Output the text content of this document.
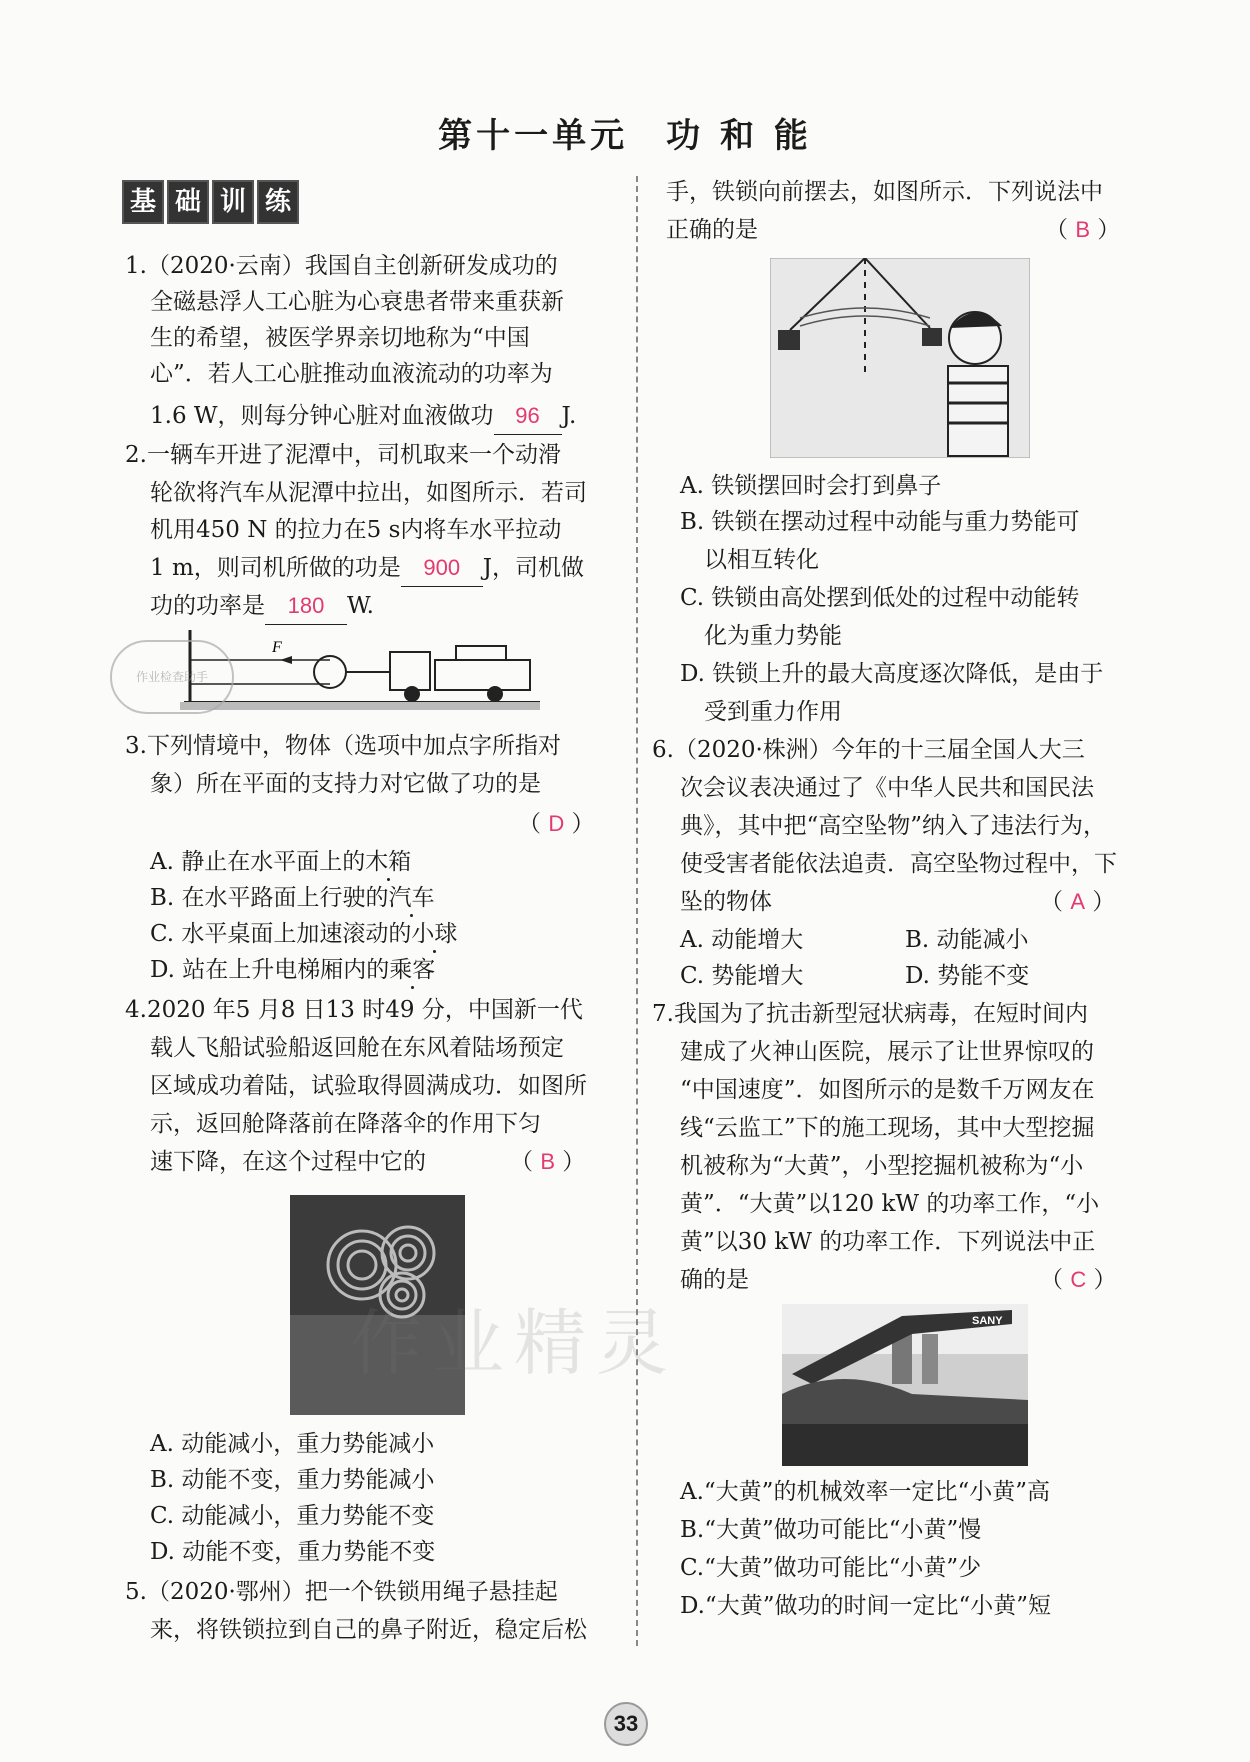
第十一单元　功 和 能
基 础 训 练
1.（2020·云南）我国自主创新研发成功的
全磁悬浮人工心脏为心衰患者带来重获新
生的希望，被医学界亲切地称为“中国
心”．若人工心脏推动血液流动的功率为
1.6 W，则每分钟心脏对血液做功 96 J.
2.一辆车开进了泥潭中，司机取来一个动滑
轮欲将汽车从泥潭中拉出，如图所示．若司
机用450 N 的拉力在5 s内将车水平拉动
1 m，则司机所做的功是 900 J，司机做
功的功率是 180 W.
F
3.下列情境中，物体（选项中加点字所指对
象）所在平面的支持力对它做了功的是
（ D ）
A. 静止在水平面上的木箱
B. 在水平路面上行驶的汽车
C. 水平桌面上加速滚动的小球
D. 站在上升电梯厢内的乘客
4.2020 年5 月8 日13 时49 分，中国新一代
载人飞船试验船返回舱在东风着陆场预定
区域成功着陆，试验取得圆满成功．如图所
示，返回舱降落前在降落伞的作用下匀
速下降，在这个过程中它的	（ B ）
A. 动能减小，重力势能减小
B. 动能不变，重力势能减小
C. 动能减小，重力势能不变
D. 动能不变，重力势能不变
5.（2020·鄂州）把一个铁锁用绳子悬挂起
来，将铁锁拉到自己的鼻子附近，稳定后松
手，铁锁向前摆去，如图所示．下列说法中
正确的是	（ B ）
A. 铁锁摆回时会打到鼻子
B. 铁锁在摆动过程中动能与重力势能可
以相互转化
C. 铁锁由高处摆到低处的过程中动能转
化为重力势能
D. 铁锁上升的最大高度逐次降低，是由于
受到重力作用
6.（2020·株洲）今年的十三届全国人大三
次会议表决通过了《中华人民共和国民法
典》，其中把“高空坠物”纳入了违法行为，
使受害者能依法追责．高空坠物过程中，下
坠的物体	（ A ）
A. 动能增大	B. 动能减小
C. 势能增大	D. 势能不变
7.我国为了抗击新型冠状病毒，在短时间内
建成了火神山医院，展示了让世界惊叹的
“中国速度”．如图所示的是数千万网友在
线“云监工”下的施工现场，其中大型挖掘
机被称为“大黄”，小型挖掘机被称为“小
黄”．“大黄”以120 kW 的功率工作，“小
黄”以30 kW 的功率工作．下列说法中正
确的是	（ C ）
SANY
A.“大黄”的机械效率一定比“小黄”高
B.“大黄”做功可能比“小黄”慢
C.“大黄”做功可能比“小黄”少
D.“大黄”做功的时间一定比“小黄”短
作业精灵
作业检查助手
33
